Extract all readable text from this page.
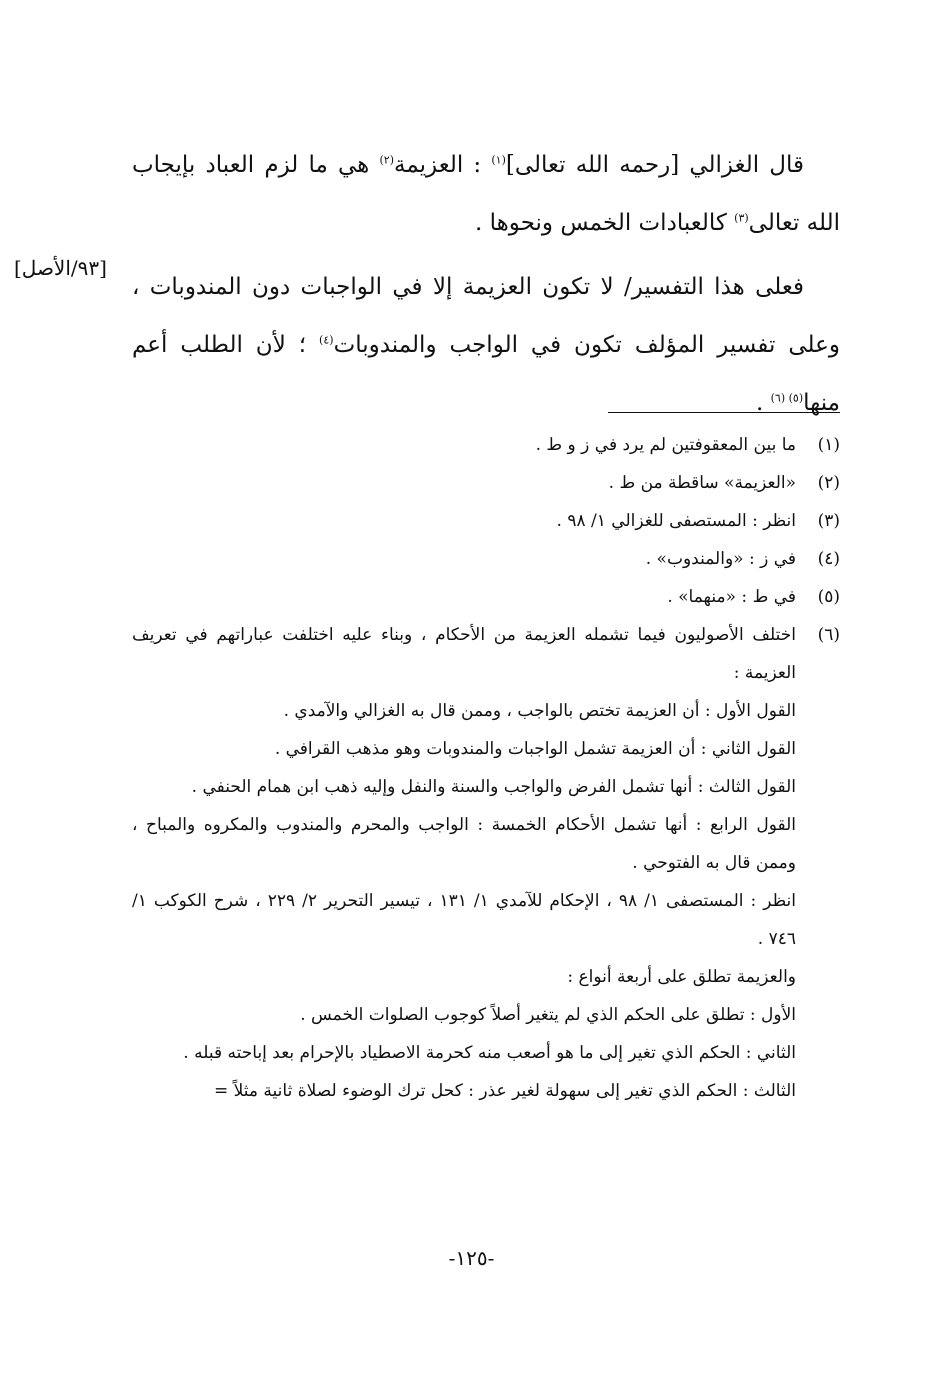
قال الغزالي [رحمه الله تعالى]$^{(١)}$ : العزيمة$^{(٢)}$ هي ما لزم العباد بإيجاب الله تعالى$^{(٣)}$ كالعبادات الخمس ونحوها .

فعلى هذا التفسير/ لا تكون العزيمة إلا في الواجبات دون المندوبات ، وعلى تفسير المؤلف تكون في الواجب والمندوبات$^{(٤)}$ ؛ لأن الطلب أعم منها$^{(٥) (٦)}$ .

[٩٣/الأصل]
(١)
ما بين المعقوفتين لم يرد في ز و ط .
(٢)
«العزيمة» ساقطة من ط .
(٣)
انظر : المستصفى للغزالي ١/ ٩٨ .
(٤)
في ز : «والمندوب» .
(٥)
في ط : «منهما» .
(٦)
اختلف الأصوليون فيما تشمله العزيمة من الأحكام ، وبناء عليه اختلفت عباراتهم في تعريف العزيمة :
القول الأول : أن العزيمة تختص بالواجب ، وممن قال به الغزالي والآمدي .
القول الثاني : أن العزيمة تشمل الواجبات والمندوبات وهو مذهب القرافي .
القول الثالث : أنها تشمل الفرض والواجب والسنة والنفل وإليه ذهب ابن همام الحنفي .
القول الرابع : أنها تشمل الأحكام الخمسة : الواجب والمحرم والمندوب والمكروه والمباح ، وممن قال به الفتوحي .
انظر : المستصفى ١/ ٩٨ ، الإحكام للآمدي ١/ ١٣١ ، تيسير التحرير ٢/ ٢٢٩ ، شرح الكوكب ١/ ٧٤٦ .
والعزيمة تطلق على أربعة أنواع :
الأول : تطلق على الحكم الذي لم يتغير أصلاً كوجوب الصلوات الخمس .
الثاني : الحكم الذي تغير إلى ما هو أصعب منه كحرمة الاصطياد بالإحرام بعد إباحته قبله .
الثالث : الحكم الذي تغير إلى سهولة لغير عذر : كحل ترك الوضوء لصلاة ثانية مثلاً =
-١٢٥-
